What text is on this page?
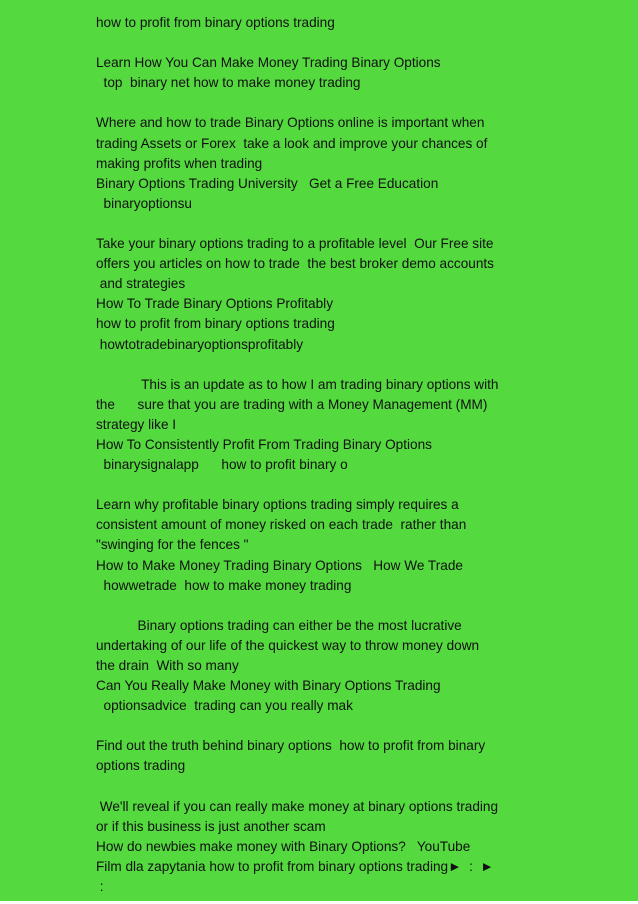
how to profit from binary options trading
Learn How You Can Make Money Trading Binary Options
top  binary net how to make money trading
Where and how to trade Binary Options online is important when
trading Assets or Forex  take a look and improve your chances of
making profits when trading
Binary Options Trading University   Get a Free Education
binaryoptionsu
Take your binary options trading to a profitable level  Our Free site
offers you articles on how to trade  the best broker demo accounts
and strategies
How To Trade Binary Options Profitably
how to profit from binary options trading
howtotradebinaryoptionsprofitably
This is an update as to how I am trading binary options with
the      sure that you are trading with a Money Management (MM)
strategy like I
How To Consistently Profit From Trading Binary Options
binarysignalapp      how to profit binary o
Learn why profitable binary options trading simply requires a
consistent amount of money risked on each trade  rather than
"swinging for the fences "
How to Make Money Trading Binary Options   How We Trade
howwetrade  how to make money trading
Binary options trading can either be the most lucrative
undertaking of our life of the quickest way to throw money down
the drain  With so many
Can You Really Make Money with Binary Options Trading
optionsadvice  trading can you really mak
Find out the truth behind binary options  how to profit from binary
options trading
We'll reveal if you can really make money at binary options trading
or if this business is just another scam
How do newbies make money with Binary Options?   YouTube
Film dla zapytania how to profit from binary options trading►  :  ►
:
